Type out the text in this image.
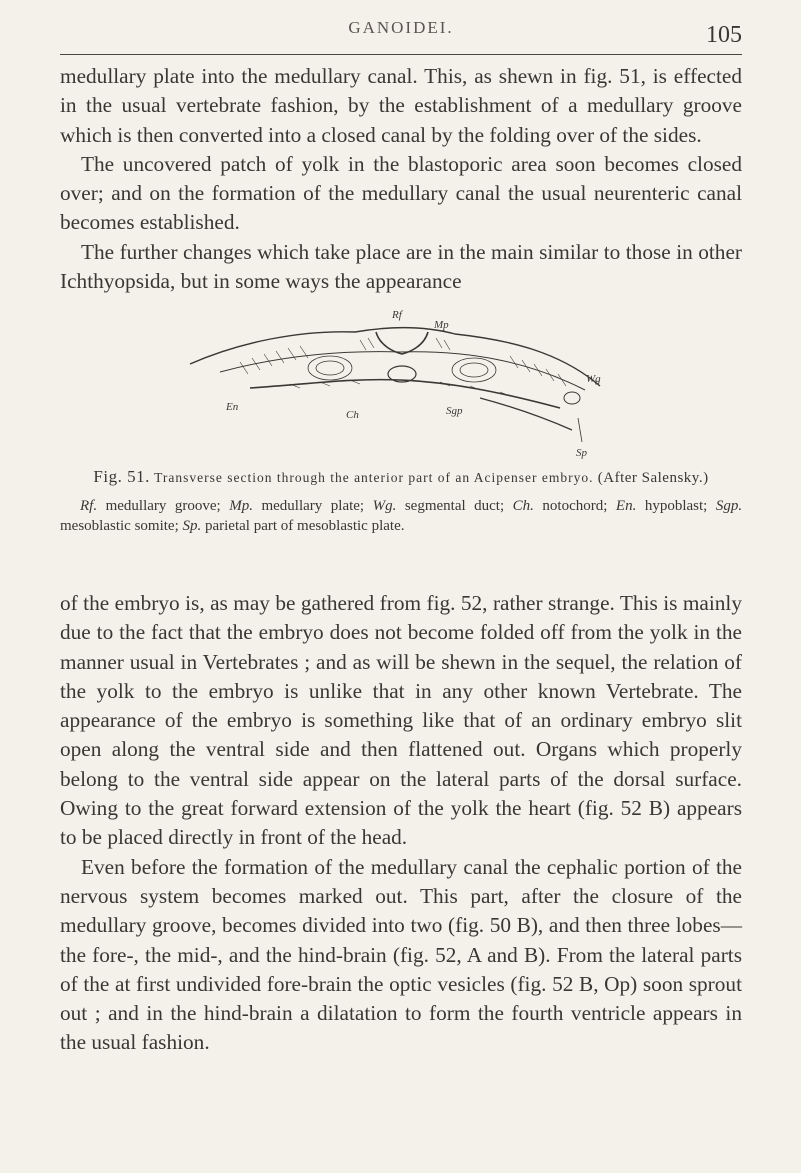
GANOIDEI.	105

medullary plate into the medullary canal. This, as shewn in fig. 51, is effected in the usual vertebrate fashion, by the establishment of a medullary groove which is then converted into a closed canal by the folding over of the sides.

The uncovered patch of yolk in the blastoporic area soon becomes closed over; and on the formation of the medullary canal the usual neurenteric canal becomes established.

The further changes which take place are in the main similar to those in other Ichthyopsida, but in some ways the appearance

Rf
Mp
Wg
En
Ch	Sgp
Sp
Fig. 51. Transverse section through the anterior part of an Acipenser embryo. (After Salensky.)
Rf. medullary groove; Mp. medullary plate; Wg. segmental duct; Ch. notochord; En. hypoblast; Sgp. mesoblastic somite; Sp. parietal part of mesoblastic plate.

of the embryo is, as may be gathered from fig. 52, rather strange. This is mainly due to the fact that the embryo does not become folded off from the yolk in the manner usual in Vertebrates ; and as will be shewn in the sequel, the relation of the yolk to the embryo is unlike that in any other known Vertebrate. The appearance of the embryo is something like that of an ordinary embryo slit open along the ventral side and then flattened out. Organs which properly belong to the ventral side appear on the lateral parts of the dorsal surface. Owing to the great forward extension of the yolk the heart (fig. 52 B) appears to be placed directly in front of the head.

Even before the formation of the medullary canal the cephalic portion of the nervous system becomes marked out. This part, after the closure of the medullary groove, becomes divided into two (fig. 50 B), and then three lobes—the fore-, the mid-, and the hind-brain (fig. 52, A and B). From the lateral parts of the at first undivided fore-brain the optic vesicles (fig. 52 B, Op) soon sprout out ; and in the hind-brain a dilatation to form the fourth ventricle appears in the usual fashion.
